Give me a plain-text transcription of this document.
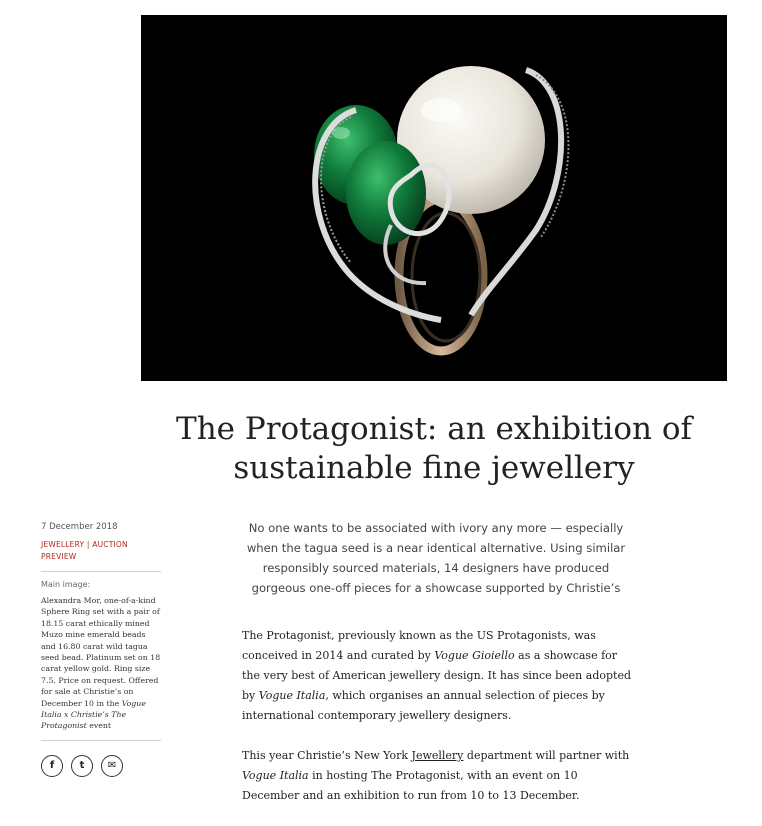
The Protagonist: an exhibition of
sustainable fine jewellery
7 December 2018
JEWELLERY | AUCTION
PREVIEW
Main image:
Alexandra Mor, one-of-a-kind Sphere Ring set with a pair of 18.15 carat ethically mined Muzo mine emerald beads and 16.80 carat wild tagua seed bead. Platinum set on 18 carat yellow gold. Ring size 7.5. Price on request. Offered for sale at Christie’s on December 10 in the Vogue Italia x Christie’s The Protagonist event
f	t ✉
No one wants to be associated with ivory any more — especially when the tagua seed is a near identical alternative. Using similar responsibly sourced materials, 14 designers have produced gorgeous one-off pieces for a showcase supported by Christie’s

The Protagonist, previously known as the US Protagonists, was conceived in 2014 and curated by Vogue Gioiello as a showcase for the very best of American jewellery design. It has since been adopted by Vogue Italia, which organises an annual selection of pieces by international contemporary jewellery designers.

This year Christie’s New York Jewellery department will partner with Vogue Italia in hosting The Protagonist, with an event on 10 December and an exhibition to run from 10 to 13 December.
